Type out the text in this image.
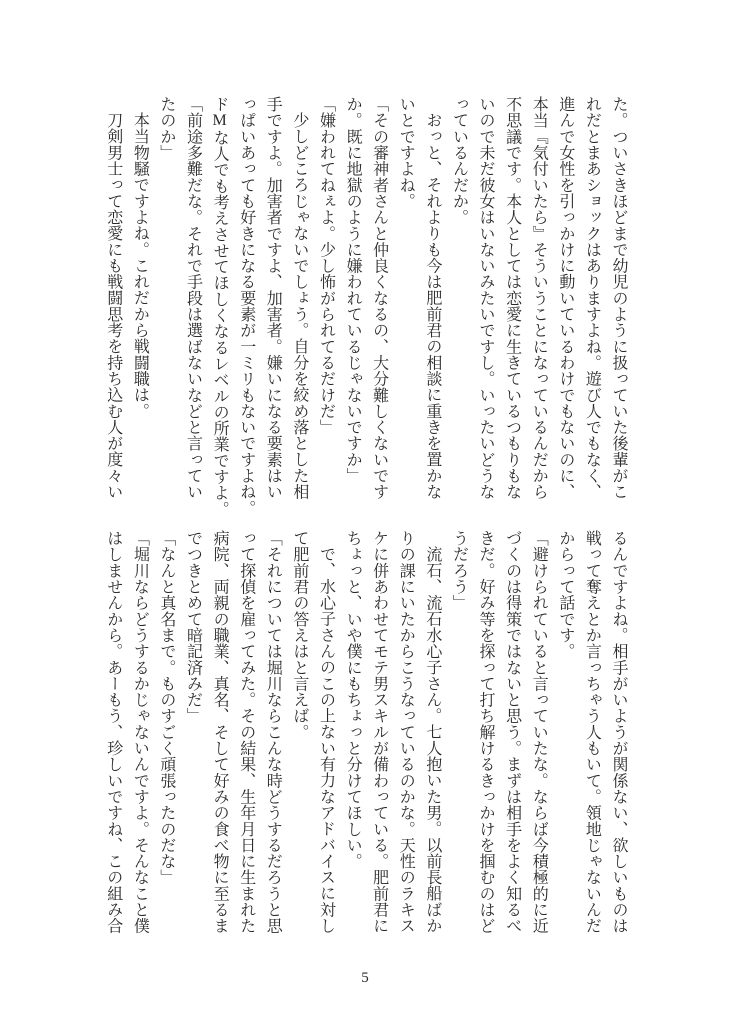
た。ついさきほどまで幼児のように扱っていた後輩がこ

れだとまあショックはありますよね。遊び人でもなく、

進んで女性を引っかけに動いているわけでもないのに、

本当『気付いたら』そういうことになっているんだから

不思議です。本人としては恋愛に生きているつもりもな

いので未だ彼女はいないみたいですし。いったいどうな

っているんだか。

おっと、それよりも今は肥前君の相談に重きを置かな

いとですよね。

「その審神者さんと仲良くなるの、大分難しくないです

か。既に地獄のように嫌われているじゃないですか」

「嫌われてねぇよ。少し怖がられてるだけだ」

少しどころじゃないでしょう。自分を絞め落とした相

手ですよ。加害者ですよ、加害者。嫌いになる要素はい

っぱいあっても好きになる要素が一ミリもないですよね。

ドMな人でも考えさせてほしくなるレベルの所業ですよ。

「前途多難だな。それで手段は選ばないなどと言ってい

たのか」

本当物騒ですよね。これだから戦闘職は。

刀剣男士って恋愛にも戦闘思考を持ち込む人が度々い

るんですよね。相手がいようが関係ない、欲しいものは

戦って奪えとか言っちゃう人もいて。領地じゃないんだ

からって話です。

「避けられていると言っていたな。ならば今積極的に近

づくのは得策ではないと思う。まずは相手をよく知るべ

きだ。好み等を探って打ち解けるきっかけを掴むのはど

うだろう」

流石、流石水心子さん。七人抱いた男。以前長船ばか

りの課にいたからこうなっているのかな。天性のラキス

ケに併あわせてモテ男スキルが備わっている。肥前君に

ちょっと、いや僕にもちょっと分けてほしい。

で、水心子さんのこの上ない有力なアドバイスに対し

て肥前君の答えはと言えば。

「それについては堀川ならこんな時どうするだろうと思

って探偵を雇ってみた。その結果、生年月日に生まれた

病院、両親の職業、真名、そして好みの食べ物に至るま

でつきとめて暗記済みだ」

「なんと真名まで。ものすごく頑張ったのだな」

「堀川ならどうするかじゃないんですよ。そんなこと僕

はしませんから。あーもう、珍しいですね、この組み合

5
